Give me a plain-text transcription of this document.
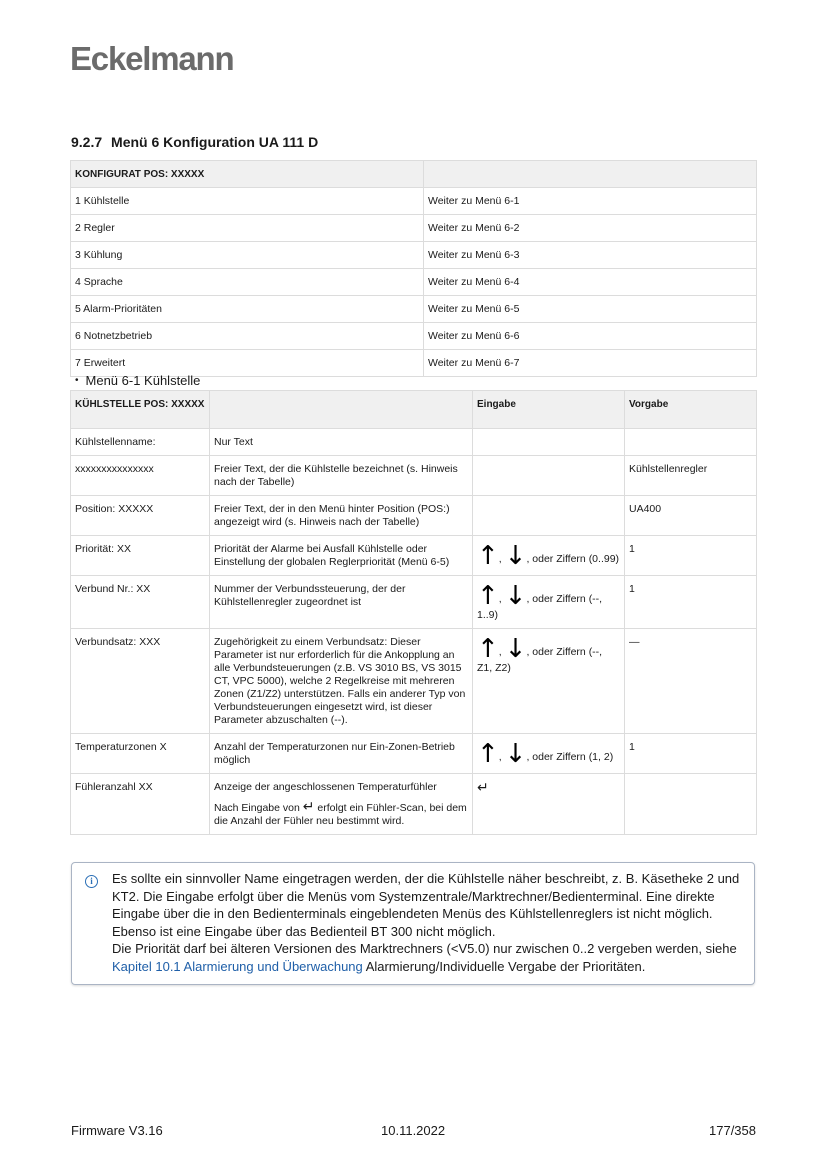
Eckelmann
9.2.7 Menü 6 Konfiguration UA 111 D
KONFIGURAT POS: XXXXX	
1 Kühlstelle	Weiter zu Menü 6-1
2 Regler	Weiter zu Menü 6-2
3 Kühlung	Weiter zu Menü 6-3
4 Sprache	Weiter zu Menü 6-4
5 Alarm-Prioritäten	Weiter zu Menü 6-5
6 Notnetzbetrieb	Weiter zu Menü 6-6
7 Erweitert	Weiter zu Menü 6-7
• Menü 6-1 Kühlstelle
KÜHLSTELLE POS: XXXXX		Eingabe	Vorgabe
Kühlstellenname:	Nur Text		
xxxxxxxxxxxxxxx	Freier Text, der die Kühlstelle bezeichnet (s. Hinweis nach der Tabelle)		Kühlstellenregler
Position: XXXXX	Freier Text, der in den Menü hinter Position (POS:) angezeigt wird (s. Hinweis nach der Tabelle)		UA400
Priorität: XX	Priorität der Alarme bei Ausfall Kühlstelle oder Einstellung der globalen Reglerpriorität (Menü 6-5)	↑, ↓, oder Ziffern (0..99)	1
Verbund Nr.: XX	Nummer der Verbundssteuerung, der der Kühlstellenregler zugeordnet ist	↑, ↓, oder Ziffern (--, 1..9)	1
Verbundsatz: XXX	Zugehörigkeit zu einem Verbundsatz: Dieser Parameter ist nur erforderlich für die Ankopplung an alle Verbundsteuerungen (z.B. VS 3010 BS, VS 3015 CT, VPC 5000), welche 2 Regelkreise mit mehreren Zonen (Z1/Z2) unterstützen. Falls ein anderer Typ von Verbundsteuerungen eingesetzt wird, ist dieser Parameter abzuschalten (--).	↑, ↓, oder Ziffern (--, Z1, Z2)	—
Temperaturzonen X	Anzahl der Temperaturzonen nur Ein-Zonen-Betrieb möglich	↑, ↓, oder Ziffern (1, 2)	1
Fühleranzahl XX	Anzeige der angeschlossenen Temperaturfühler
Nach Eingabe von ↵ erfolgt ein Fühler-Scan, bei dem die Anzahl der Fühler neu bestimmt wird.	↵	
i	Es sollte ein sinnvoller Name eingetragen werden, der die Kühlstelle näher beschreibt, z. B. Käsetheke 2 und KT2. Die Eingabe erfolgt über die Menüs vom Systemzentrale/Marktrechner/Bedienterminal. Eine direkte Eingabe über die in den Bedienterminals eingeblendeten Menüs des Kühlstellenreglers ist nicht möglich. Ebenso ist eine Eingabe über das Bedienteil BT 300 nicht möglich.
Die Priorität darf bei älteren Versionen des Marktrechners (<V5.0) nur zwischen 0..2 vergeben werden, siehe Kapitel 10.1 Alarmierung und Überwachung Alarmierung/Individuelle Vergabe der Prioritäten.
Firmware V3.16	10.11.2022	177/358
